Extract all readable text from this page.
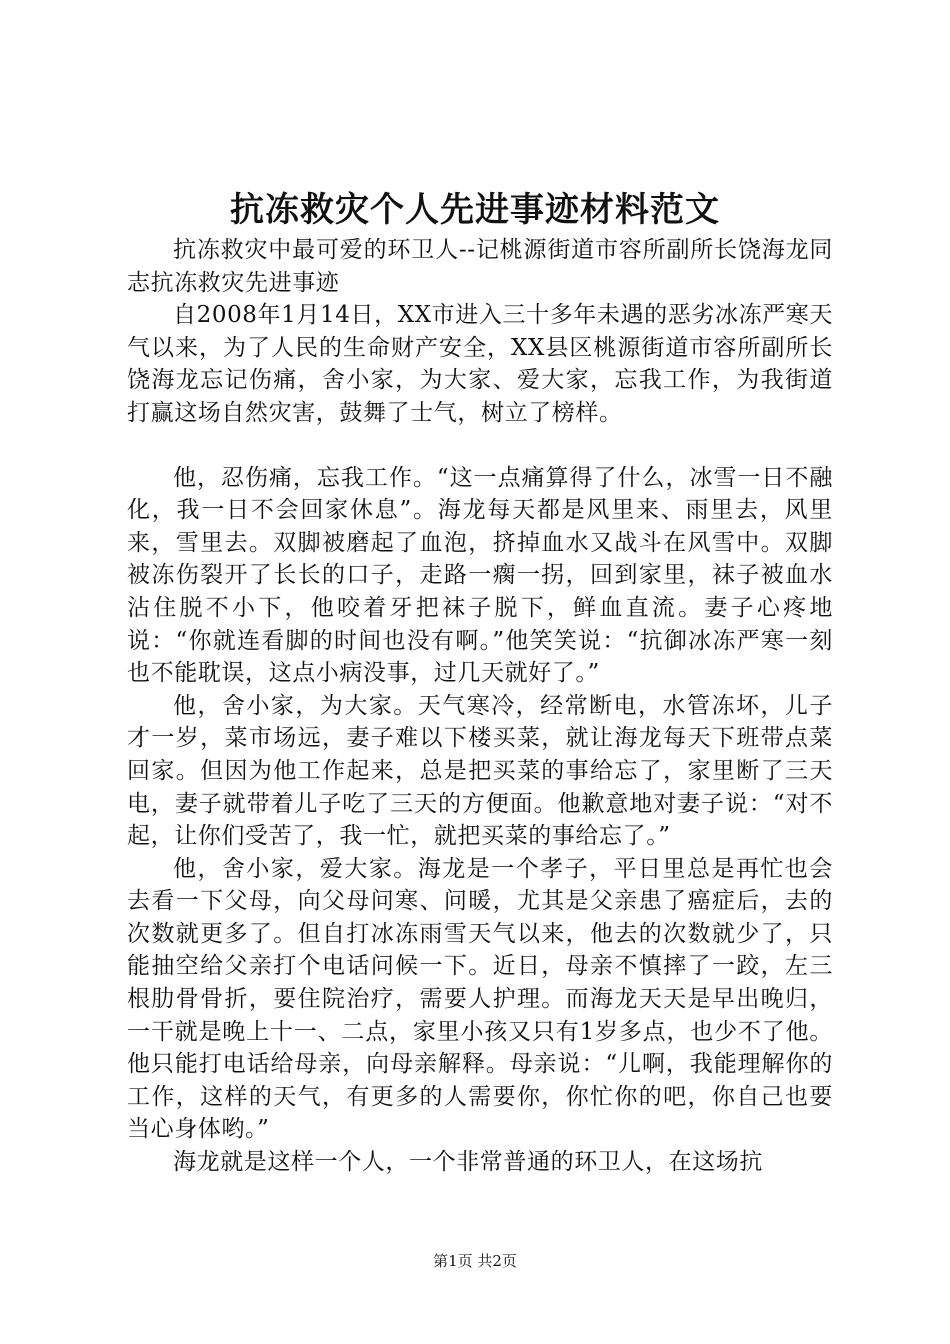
抗冻救灾个人先进事迹材料范文

抗冻救灾中最可爱的环卫人--记桃源街道市容所副所长饶海龙同志抗冻救灾先进事迹

自2008年1月14日，XX市进入三十多年未遇的恶劣冰冻严寒天气以来，为了人民的生命财产安全，XX县区桃源街道市容所副所长饶海龙忘记伤痛，舍小家，为大家、爱大家，忘我工作，为我街道打赢这场自然灾害，鼓舞了士气，树立了榜样。

他，忍伤痛，忘我工作。“这一点痛算得了什么，冰雪一日不融化，我一日不会回家休息”。海龙每天都是风里来、雨里去，风里来，雪里去。双脚被磨起了血泡，挤掉血水又战斗在风雪中。双脚被冻伤裂开了长长的口子，走路一瘸一拐，回到家里，袜子被血水沾住脱不小下，他咬着牙把袜子脱下，鲜血直流。妻子心疼地说：“你就连看脚的时间也没有啊。”他笑笑说：“抗御冰冻严寒一刻也不能耽误，这点小病没事，过几天就好了。”

他，舍小家，为大家。天气寒冷，经常断电，水管冻坏，儿子才一岁，菜市场远，妻子难以下楼买菜，就让海龙每天下班带点菜回家。但因为他工作起来，总是把买菜的事给忘了，家里断了三天电，妻子就带着儿子吃了三天的方便面。他歉意地对妻子说：“对不起，让你们受苦了，我一忙，就把买菜的事给忘了。”

他，舍小家，爱大家。海龙是一个孝子，平日里总是再忙也会去看一下父母，向父母问寒、问暖，尤其是父亲患了癌症后，去的次数就更多了。但自打冰冻雨雪天气以来，他去的次数就少了，只能抽空给父亲打个电话问候一下。近日，母亲不慎摔了一跤，左三根肋骨骨折，要住院治疗，需要人护理。而海龙天天是早出晚归，一干就是晚上十一、二点，家里小孩又只有1岁多点，也少不了他。他只能打电话给母亲，向母亲解释。母亲说：“儿啊，我能理解你的工作，这样的天气，有更多的人需要你，你忙你的吧，你自己也要当心身体哟。”

海龙就是这样一个人，一个非常普通的环卫人，在这场抗

第1页 共2页
